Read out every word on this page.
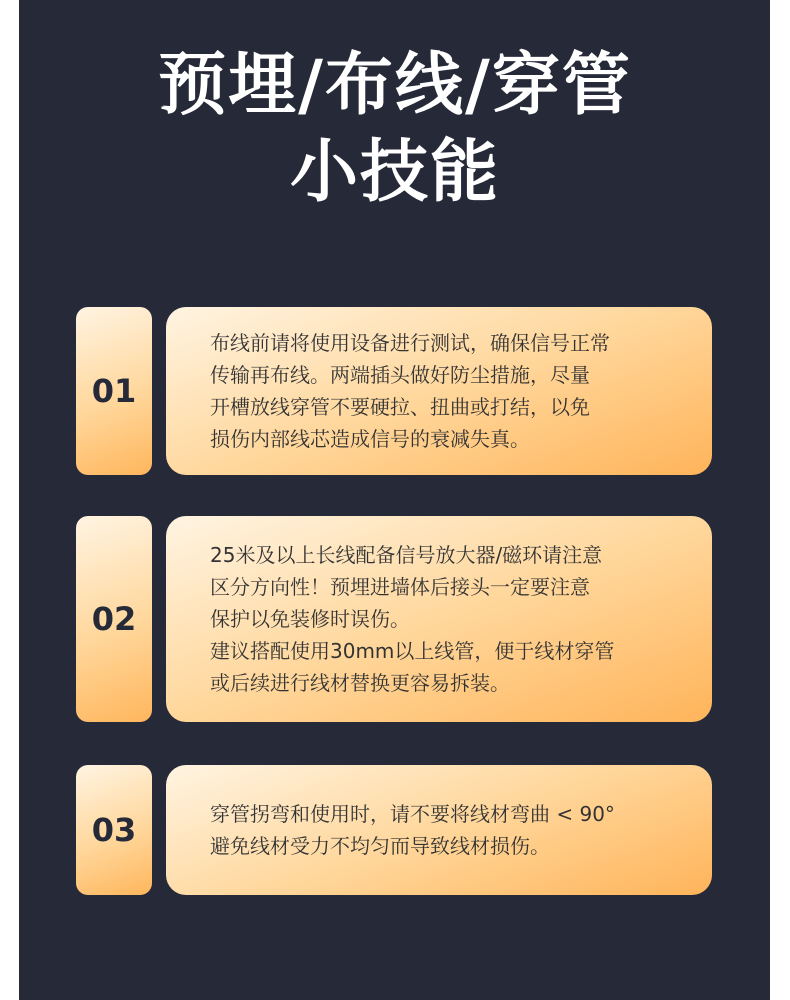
预埋/布线/穿管
小技能
01

布线前请将使用设备进行测试，确保信号正常
传输再布线。两端插头做好防尘措施，尽量
开槽放线穿管不要硬拉、扭曲或打结，以免
损伤内部线芯造成信号的衰减失真。

02

25米及以上长线配备信号放大器/磁环请注意
区分方向性！预埋进墙体后接头一定要注意
保护以免装修时误伤。
建议搭配使用30mm以上线管，便于线材穿管
或后续进行线材替换更容易拆装。

03	穿管拐弯和使用时，请不要将线材弯曲 < 90°
避免线材受力不均匀而导致线材损伤。
